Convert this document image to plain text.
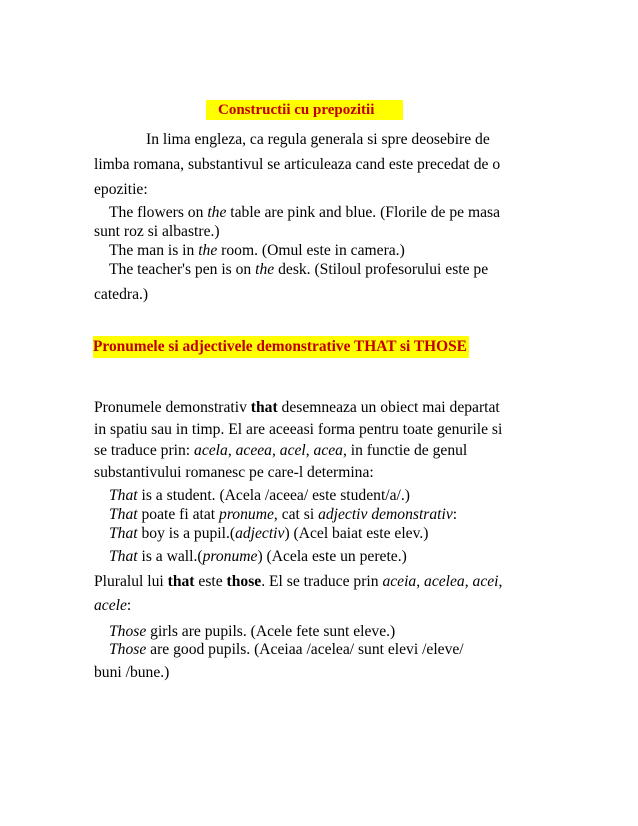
Constructii cu prepozitii
In lima engleza, ca regula generala si spre deosebire de
limba romana, substantivul se articuleaza cand este precedat de o
epozitie:
The flowers on the table are pink and blue. (Florile de pe masa
sunt roz si albastre.)
The man is in the room. (Omul este in camera.)
The teacher's pen is on the desk. (Stiloul profesorului este pe
catedra.)
Pronumele si adjectivele demonstrative THAT si THOSE
Pronumele demonstrativ that desemneaza un obiect mai departat
in spatiu sau in timp. El are aceeasi forma pentru toate genurile si
se traduce prin: acela, aceea, acel, acea, in functie de genul
substantivului romanesc pe care-l determina:
That is a student. (Acela /aceea/ este student/a/.)
That poate fi atat pronume, cat si adjectiv demonstrativ:
That boy is a pupil.(adjectiv) (Acel baiat este elev.)
That is a wall.(pronume) (Acela este un perete.)
Pluralul lui that este those. El se traduce prin aceia, acelea, acei,
acele:
Those girls are pupils. (Acele fete sunt eleve.)
Those are good pupils. (Aceiaa /acelea/ sunt elevi /eleve/
buni /bune.)
